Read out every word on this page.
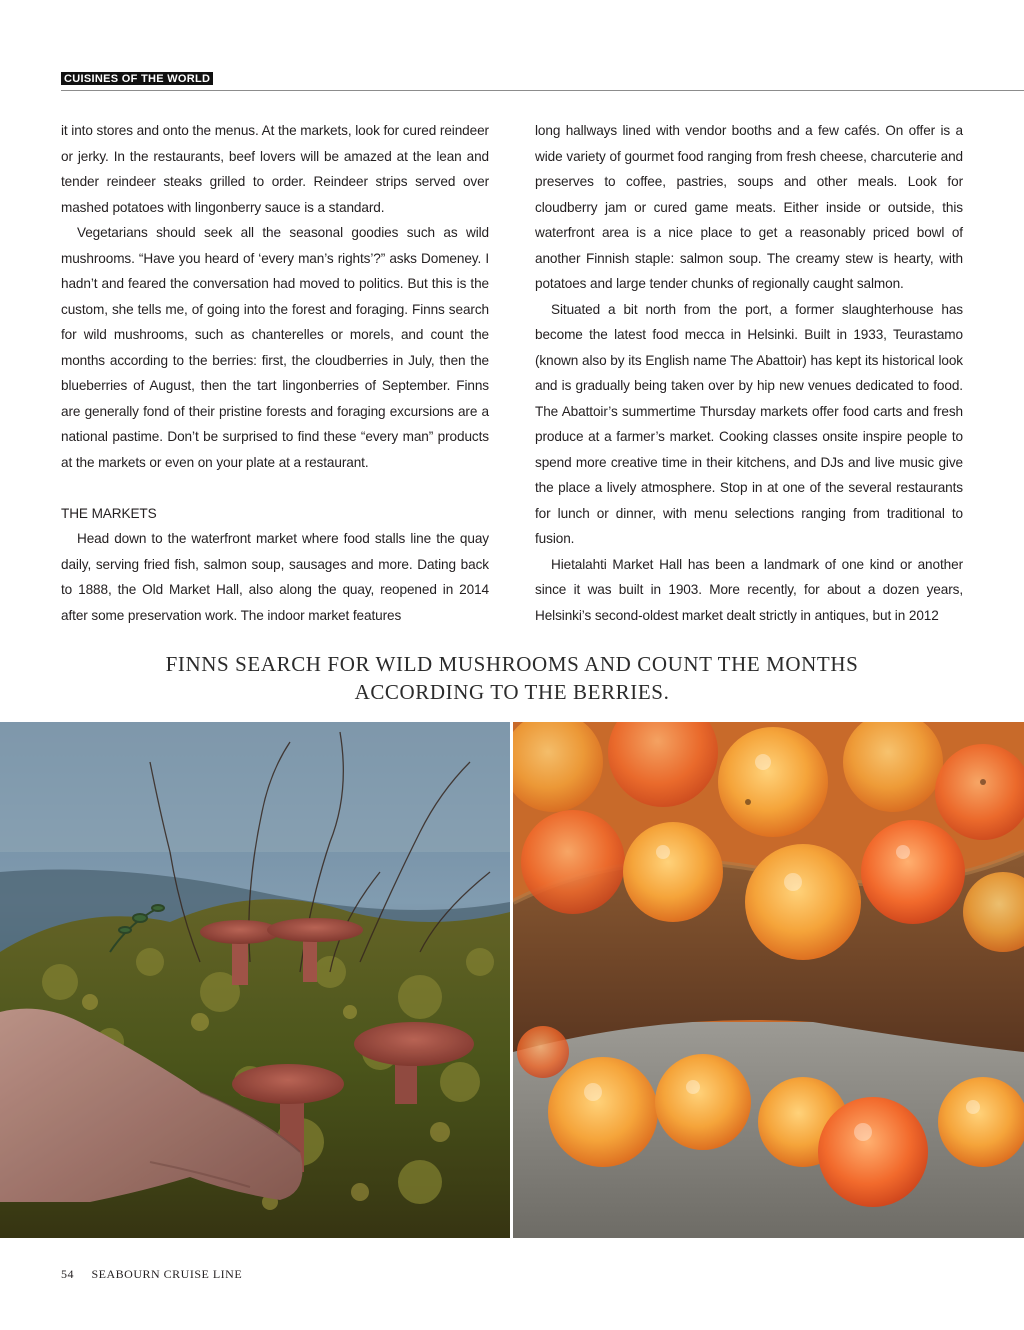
CUISINES OF THE WORLD

it into stores and onto the menus. At the markets, look for cured reindeer or jerky. In the restaurants, beef lovers will be amazed at the lean and tender reindeer steaks grilled to order. Reindeer strips served over mashed potatoes with lingonberry sauce is a standard.

Vegetarians should seek all the seasonal goodies such as wild mushrooms. “Have you heard of ‘every man’s rights’?” asks Domeney. I hadn’t and feared the conversation had moved to politics. But this is the custom, she tells me, of going into the forest and foraging. Finns search for wild mushrooms, such as chanterelles or morels, and count the months according to the berries: first, the cloudberries in July, then the blueberries of August, then the tart lingonberries of September. Finns are generally fond of their pristine forests and foraging excursions are a national pastime. Don’t be surprised to find these “every man” products at the markets or even on your plate at a restaurant.

THE MARKETS

Head down to the waterfront market where food stalls line the quay daily, serving fried fish, salmon soup, sausages and more. Dating back to 1888, the Old Market Hall, also along the quay, reopened in 2014 after some preservation work. The indoor market features

long hallways lined with vendor booths and a few cafés. On offer is a wide variety of gourmet food ranging from fresh cheese, charcuterie and preserves to coffee, pastries, soups and other meals. Look for cloudberry jam or cured game meats. Either inside or outside, this waterfront area is a nice place to get a reasonably priced bowl of another Finnish staple: salmon soup. The creamy stew is hearty, with potatoes and large tender chunks of regionally caught salmon.

Situated a bit north from the port, a former slaughterhouse has become the latest food mecca in Helsinki. Built in 1933, Teurastamo (known also by its English name The Abattoir) has kept its historical look and is gradually being taken over by hip new venues dedicated to food. The Abattoir’s summertime Thursday markets offer food carts and fresh produce at a farmer’s market. Cooking classes onsite inspire people to spend more creative time in their kitchens, and DJs and live music give the place a lively atmosphere. Stop in at one of the several restaurants for lunch or dinner, with menu selections ranging from traditional to fusion.

Hietalahti Market Hall has been a landmark of one kind or another since it was built in 1903. More recently, for about a dozen years, Helsinki’s second-oldest market dealt strictly in antiques, but in 2012

FINNS SEARCH FOR WILD MUSHROOMS AND COUNT THE MONTHS ACCORDING TO THE BERRIES.
54 SEABOURN CRUISE LINE
